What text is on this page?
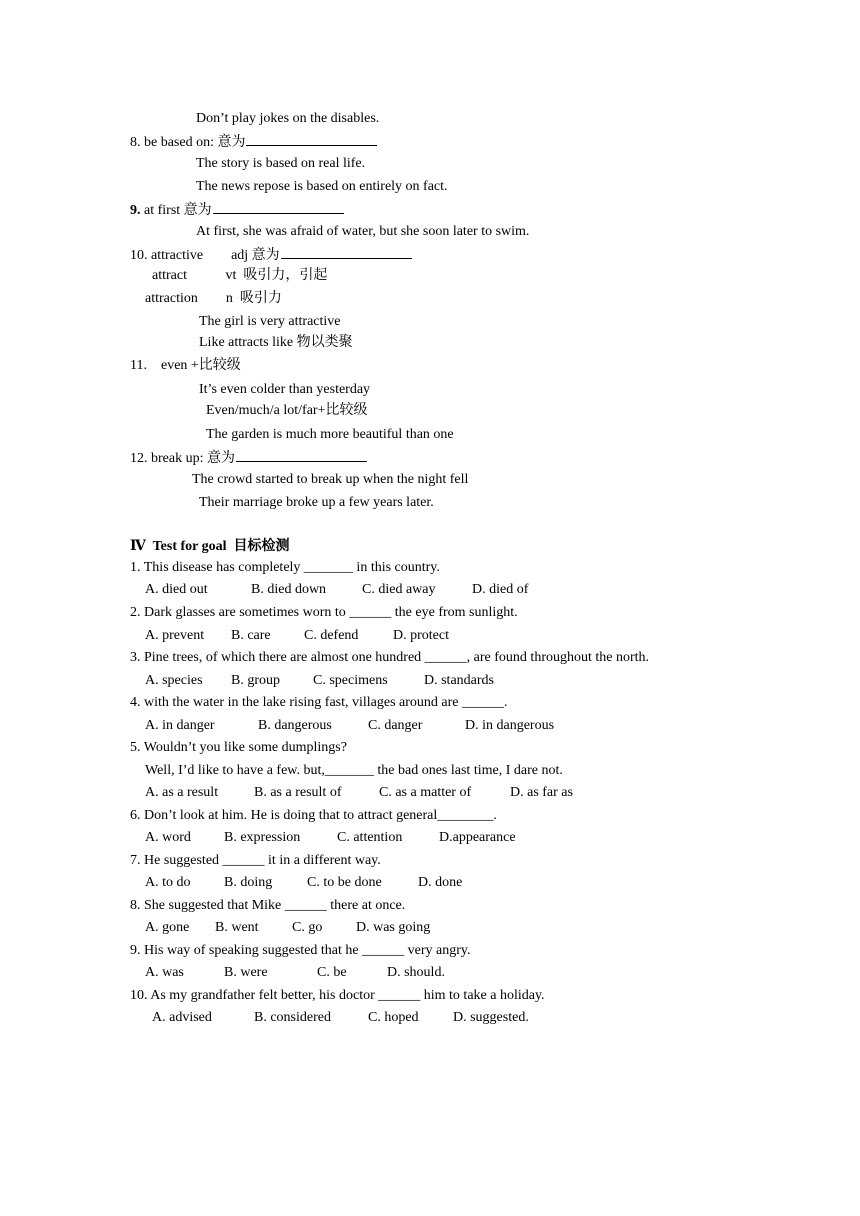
Don’t play jokes on the disables.
8. be based on: 意为
The story is based on real life.
The news repose is based on entirely on fact.
9. at first 意为
At first, she was afraid of water, but she soon later to swim.
10. attractive        adj 意为
attract           vt  吸引力，引起
attraction        n  吸引力
The girl is very attractive
Like attracts like 物以类聚
11.    even +比较级
It’s even colder than yesterday
Even/much/a lot/far+比较级
The garden is much more beautiful than one
12. break up: 意为
The crowd started to break up when the night fell
Their marriage broke up a few years later.
Ⅳ  Test for goal  目标检测
1. This disease has completely _______ in this country.
A. died out	B. died down	C. died away	D. died of
2. Dark glasses are sometimes worn to ______ the eye from sunlight.
A. prevent B. care C. defend D. protect
3. Pine trees, of which there are almost one hundred ______, are found throughout the north.
A. species B. group C. specimens	D. standards
4. with the water in the lake rising fast, villages around are ______.
A. in danger	B. dangerous	C. danger	D. in dangerous
5. Wouldn’t you like some dumplings?
Well, I’d like to have a few. but,_______ the bad ones last time, I dare not.
A. as a result	B. as a result of	C. as a matter of	D. as far as
6. Don’t look at him. He is doing that to attract general________.
A. word B. expression	C. attention	D.appearance
7. He suggested ______ it in a different way.
A. to do B. doing C. to be done	D. done
8. She suggested that Mike ______ there at once.
A. gone B. went C. go D. was going
9. His way of speaking suggested that he ______ very angry.
A. was	B. were	C. be	D. should.
10. As my grandfather felt better, his doctor ______ him to take a holiday.
A. advised	B. considered	C. hoped D. suggested.
